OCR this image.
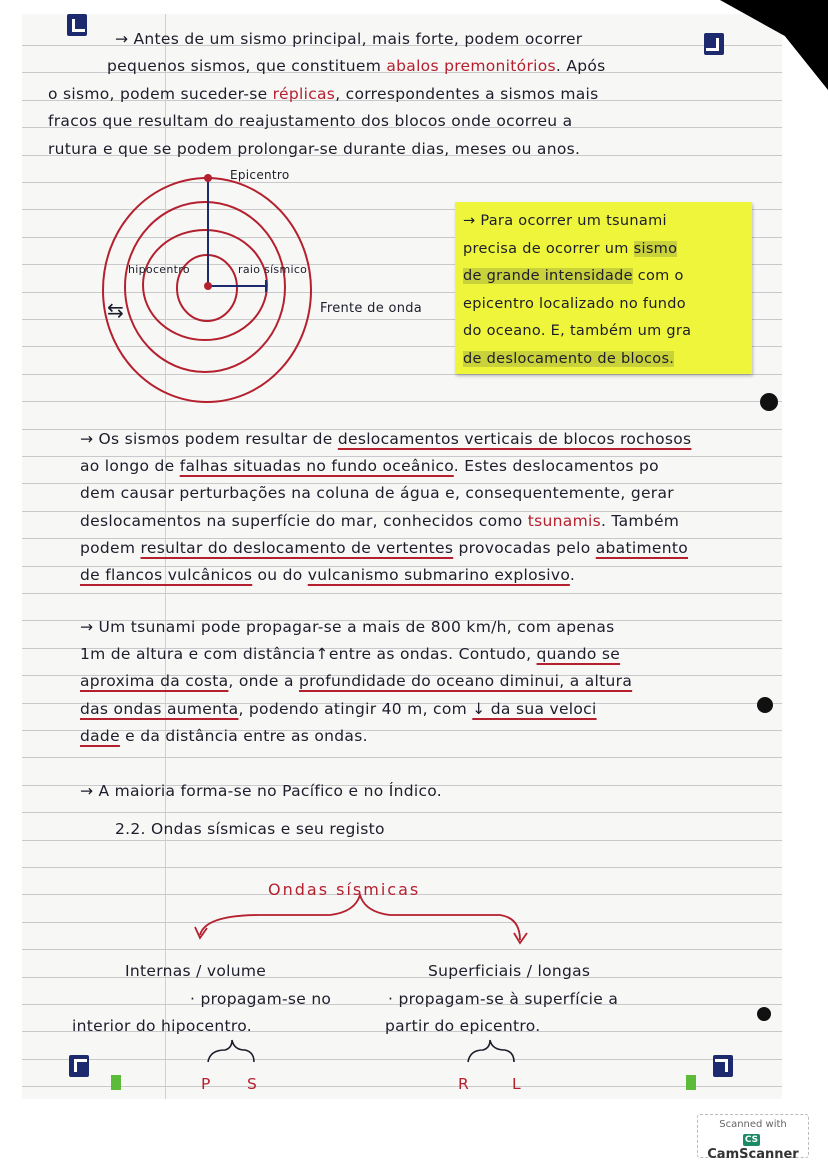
→ Para ocorrer um tsunami
precisa de ocorrer um sismo
de grande intensidade com o
epicentro localizado no fundo
do oceano. E, também um gra
de deslocamento de blocos.
Epicentro
hipocentro	raio sísmico
Frente de onda
⇆
Ondas sísmicas
Internas / volume
· propagam-se no
interior do hipocentro.
Superficiais / longas
· propagam-se à superfície a
partir do epicentro.
P S	R	L
Scanned with
CSCamScanner
→ Antes de um sismo principal, mais forte, podem ocorrer
pequenos sismos, que constituem abalos premonitórios. Após
o sismo, podem suceder-se réplicas, correspondentes a sismos mais
fracos que resultam do reajustamento dos blocos onde ocorreu a
rutura e que se podem prolongar-se durante dias, meses ou anos.
→ Os sismos podem resultar de deslocamentos verticais de blocos rochosos
ao longo de falhas situadas no fundo oceânico. Estes deslocamentos po
dem causar perturbações na coluna de água e, consequentemente, gerar
deslocamentos na superfície do mar, conhecidos como tsunamis. Também
podem resultar do deslocamento de vertentes provocadas pelo abatimento
de flancos vulcânicos ou do vulcanismo submarino explosivo.
→ Um tsunami pode propagar-se a mais de 800 km/h, com apenas
1m de altura e com distância↑entre as ondas. Contudo, quando se
aproxima da costa, onde a profundidade do oceano diminui, a altura
das ondas aumenta, podendo atingir 40 m, com ↓ da sua veloci
dade e da distância entre as ondas.
→ A maioria forma-se no Pacífico e no Índico.
2.2. Ondas sísmicas e seu registo
